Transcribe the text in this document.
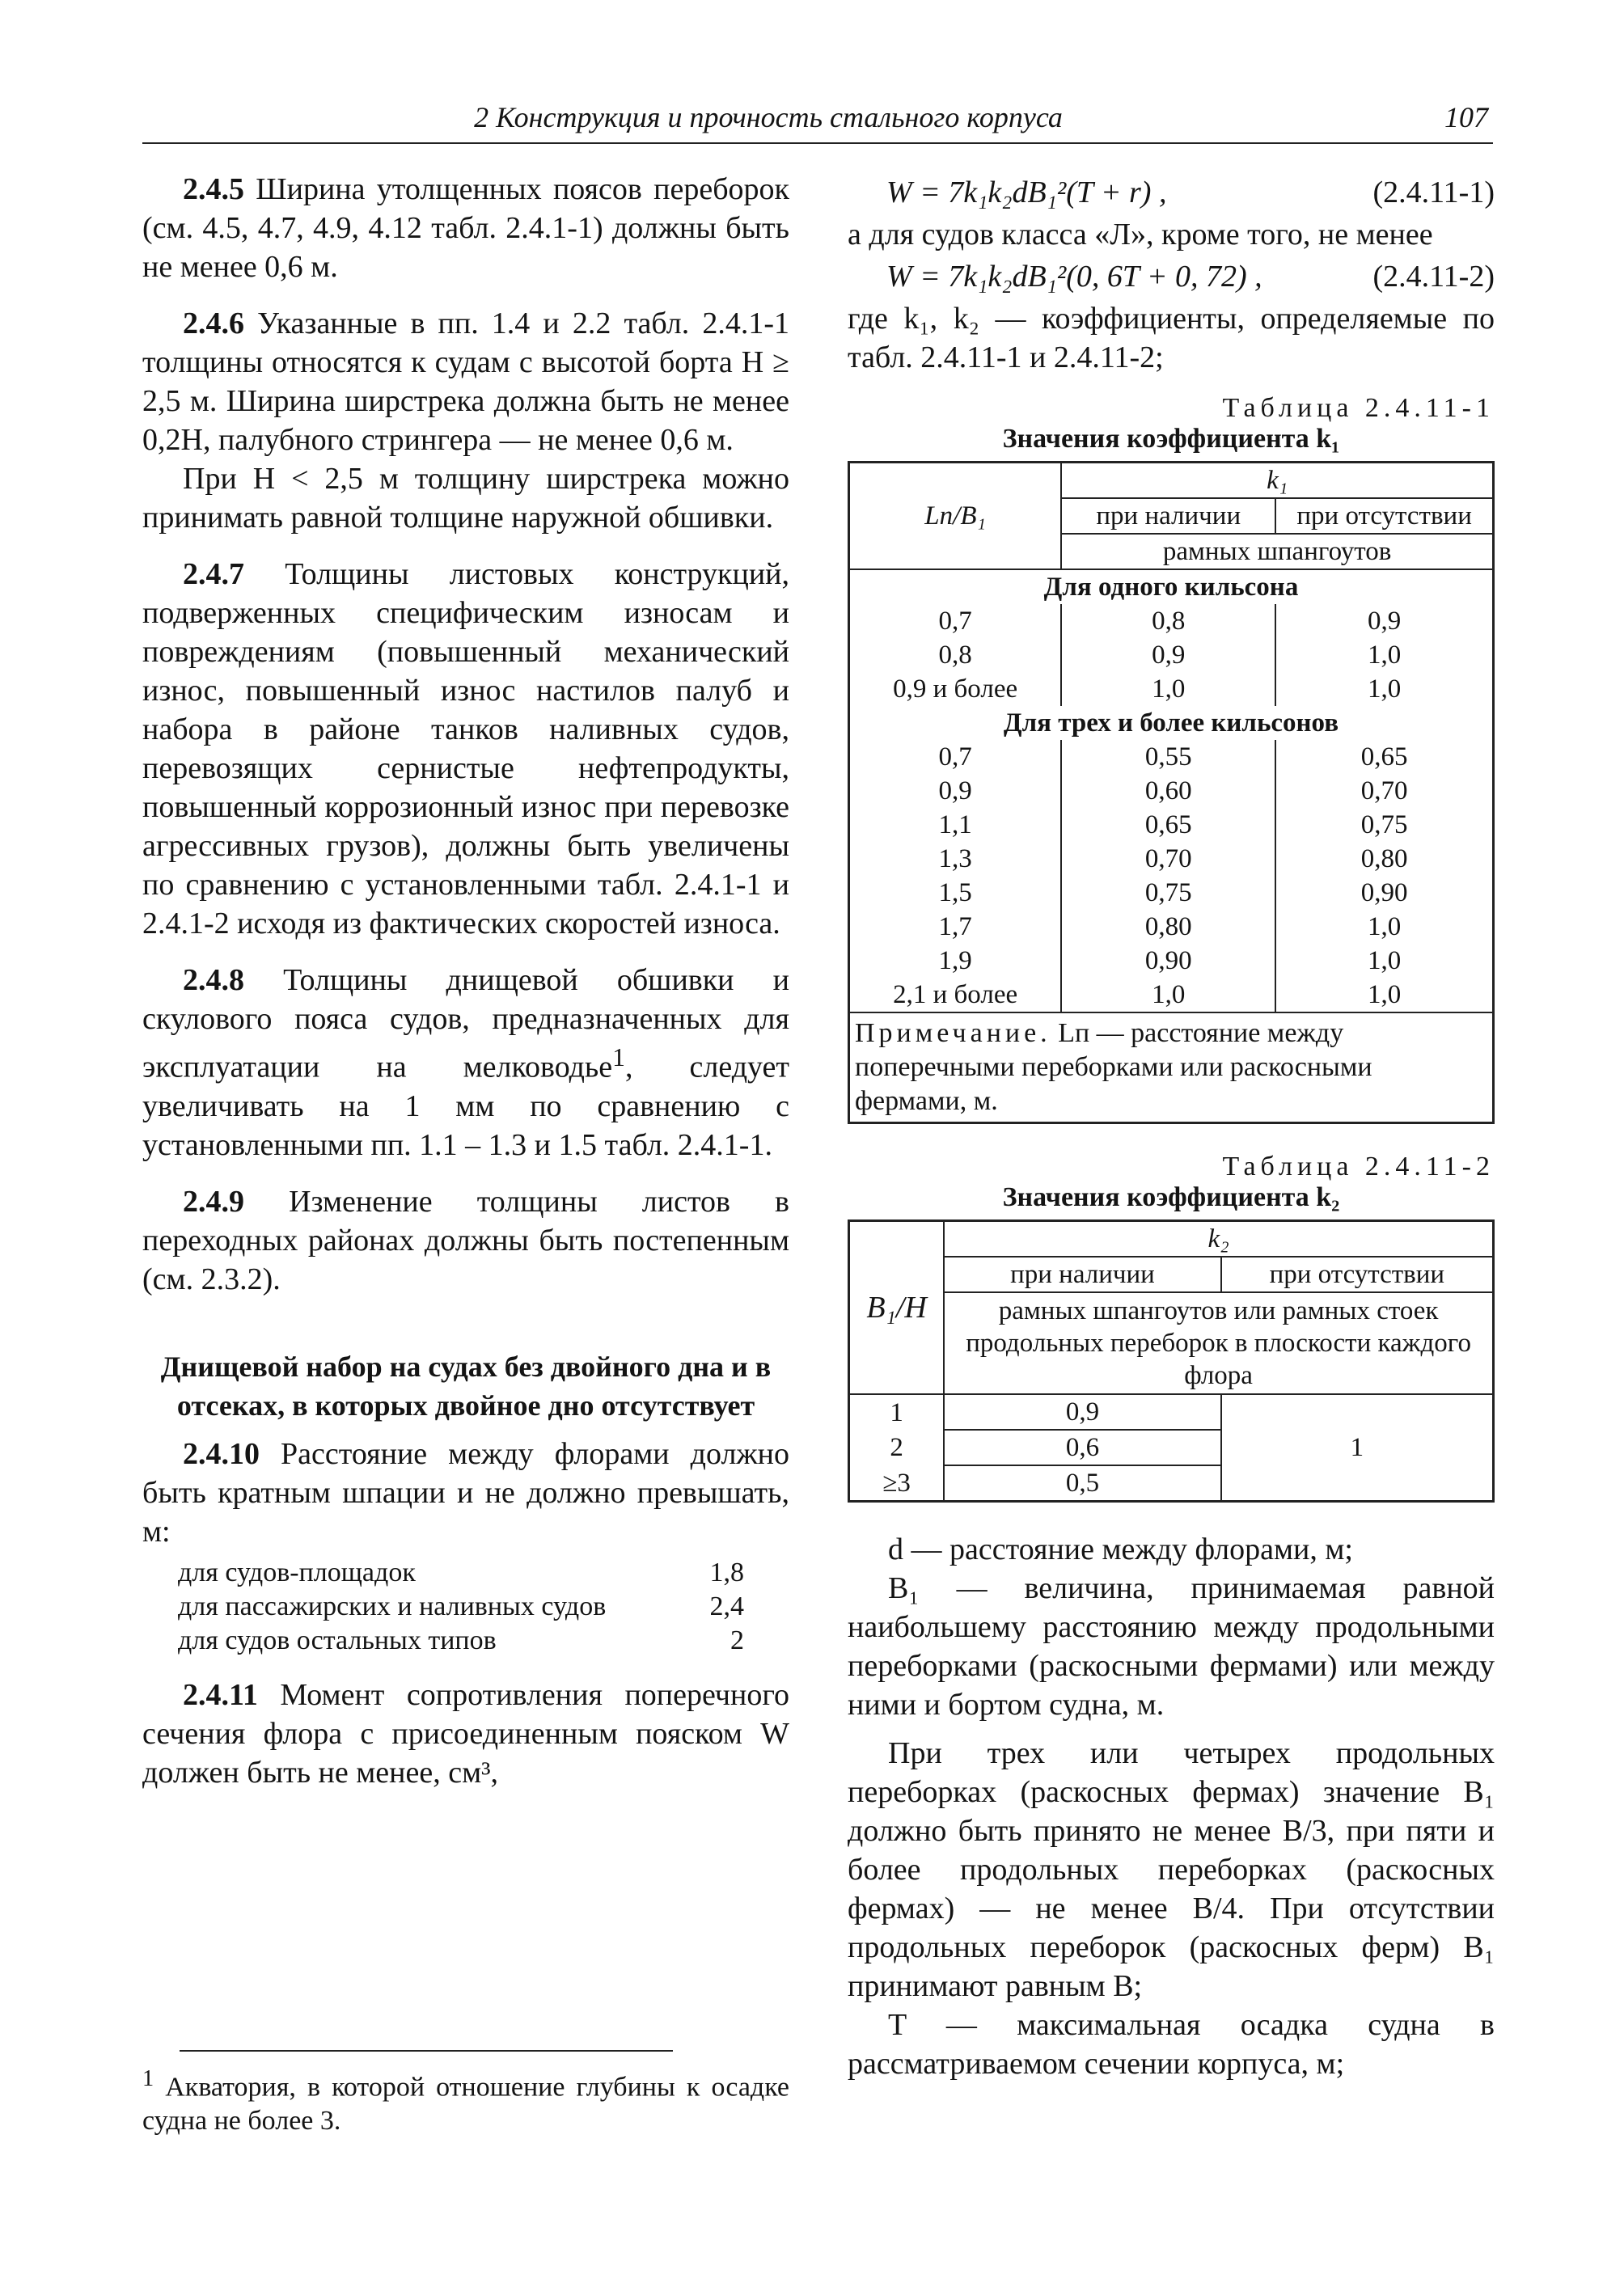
2 Конструкция и прочность стального корпуса	107

2.4.5 Ширина утолщенных поясов переборок (см. 4.5, 4.7, 4.9, 4.12 табл. 2.4.1-1) должны быть не менее 0,6 м.

2.4.6 Указанные в пп. 1.4 и 2.2 табл. 2.4.1-1 толщины относятся к судам с высотой борта H ≥ 2,5 м. Ширина ширстрека должна быть не менее 0,2H, палубного стрингера — не менее 0,6 м.

При H < 2,5 м толщину ширстрека можно принимать равной толщине наружной обшивки.

2.4.7 Толщины листовых конструкций, подверженных специфическим износам и повреждениям (повышенный механический износ, повышенный износ настилов палуб и набора в районе танков наливных судов, перевозящих сернистые нефтепродукты, повышенный коррозионный износ при перевозке агрессивных грузов), должны быть увеличены по сравнению с установленными табл. 2.4.1-1 и 2.4.1-2 исходя из фактических скоростей износа.

2.4.8 Толщины днищевой обшивки и скулового пояса судов, предназначенных для эксплуатации на мелководье$^1$, следует увеличивать на 1 мм по сравнению с установленными пп. 1.1 – 1.3 и 1.5 табл. 2.4.1-1.

2.4.9 Изменение толщины листов в переходных районах должны быть постепенным (см. 2.3.2).

Днищевой набор на судах без двойного дна и в отсеках, в которых двойное дно отсутствует

2.4.10 Расстояние между флорами должно быть кратным шпации и не должно превышать, м:

для судов-площадок	1,8
для пассажирских и наливных судов	2,4
для судов остальных типов	2

2.4.11 Момент сопротивления поперечного сечения флора с присоединенным пояском W должен быть не менее, см³,

$^1$ Акватория, в которой отношение глубины к осадке судна не более 3.
W = 7k₁k₂dB₁²(T + r) ,	(2.4.11-1)

а для судов класса «Л», кроме того, не менее

W = 7k₁k₂dB₁²(0, 6T + 0, 72) ,	(2.4.11-2)

где k₁, k₂ — коэффициенты, определяемые по табл. 2.4.11-1 и 2.4.11-2;

Таблица 2.4.11-1
Значения коэффициента k₁
Lп/B₁	k₁	
	при наличии	при отсутствии
	рамных шпангоутов	
Для одного кильсона		
0,7	0,8	0,9
0,8	0,9	1,0
0,9 и более	1,0	1,0
Для трех и более кильсонов		
0,7	0,55	0,65
0,9	0,60	0,70
1,1	0,65	0,75
1,3	0,70	0,80
1,5	0,75	0,90
1,7	0,80	1,0
1,9	0,90	1,0
2,1 и более	1,0	1,0
Примечание. Lп — расстояние между поперечными переборками или раскосными фермами, м.		
Таблица 2.4.11-2
Значения коэффициента k₂
B₁/H	k₂	
	при наличии	при отсутствии
	рамных шпангоутов или рамных стоек продольных переборок в плоскости каждого флора	
1	0,9	1
2	0,6	
≥3	0,5	

d — расстояние между флорами, м;

B₁ — величина, принимаемая равной наибольшему расстоянию между продольными переборками (раскосными фермами) или между ними и бортом судна, м.

При трех или четырех продольных переборках (раскосных фермах) значение B₁ должно быть принято не менее B/3, при пяти и более продольных переборках (раскосных фермах) — не менее B/4. При отсутствии продольных переборок (раскосных ферм) B₁ принимают равным B;

T — максимальная осадка судна в рассматриваемом сечении корпуса, м;
